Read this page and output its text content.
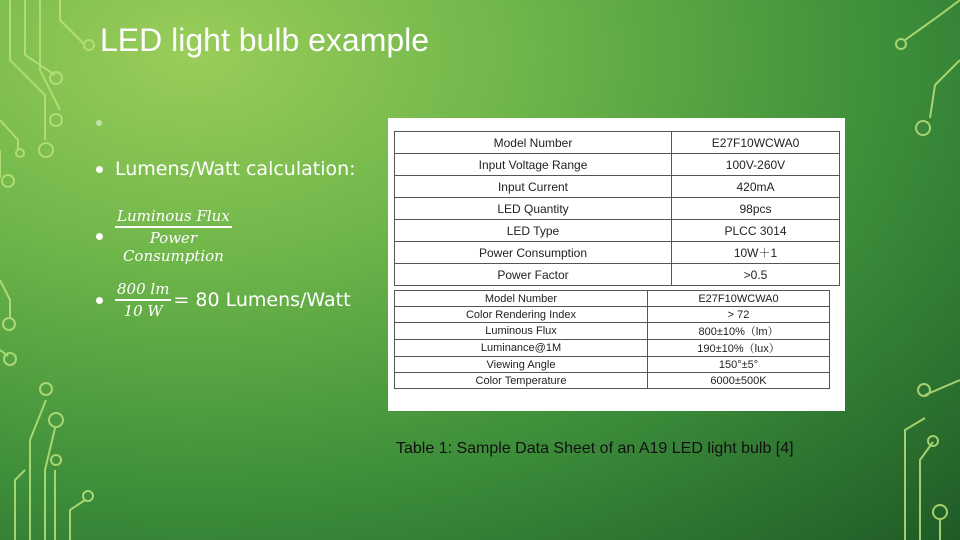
LED light bulb example
Lumens/Watt calculation:
Luminous Flux
Power
Consumption
$\frac{800 lm}{10 W} = 80$ Lumens/Watt
Model Number	E27F10WCWA0
Input Voltage Range	100V-260V
Input Current	420mA
LED Quantity	98pcs
LED Type	PLCC 3014
Power Consumption	10W＋1
Power Factor	>0.5
Model Number	E27F10WCWA0
Color Rendering Index	> 72
Luminous Flux	800±10%（lm）
Luminance@1M	190±10%（lux）
Viewing Angle	150°±5°
Color Temperature	6000±500K
Table 1: Sample Data Sheet of an A19 LED light bulb [4]
